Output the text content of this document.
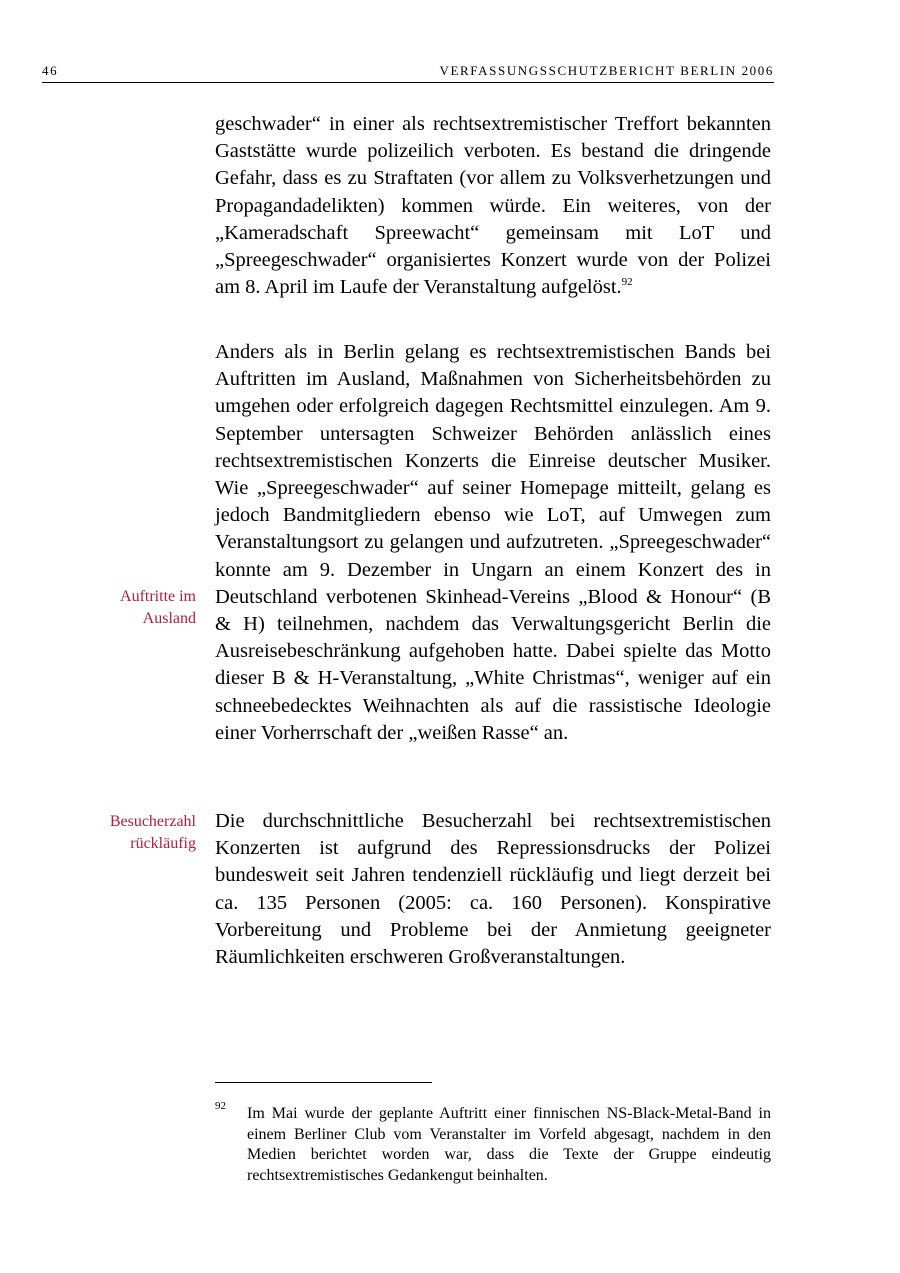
46	VERFASSUNGSSCHUTZBERICHT BERLIN 2006

geschwader“ in einer als rechtsextremistischer Treffort bekannten Gaststätte wurde polizeilich verboten. Es bestand die dringende Gefahr, dass es zu Straftaten (vor allem zu Volksverhetzungen und Propagandadelikten) kommen würde. Ein weiteres, von der „Kameradschaft Spreewacht“ gemeinsam mit LoT und „Spreegeschwader“ organisiertes Konzert wurde von der Polizei am 8. April im Laufe der Veranstaltung aufgelöst.$^{92}$

Anders als in Berlin gelang es rechtsextremistischen Bands bei Auftritten im Ausland, Maßnahmen von Sicherheitsbehörden zu umgehen oder erfolgreich dagegen Rechtsmittel einzulegen. Am 9. September untersagten Schweizer Behörden anlässlich eines rechtsextremistischen Konzerts die Einreise deutscher Musiker. Wie „Spreegeschwader“ auf seiner Homepage mitteilt, gelang es jedoch Bandmitgliedern ebenso wie LoT, auf Umwegen zum Veranstaltungsort zu gelangen und aufzutreten. „Spreegeschwader“ konnte am 9. Dezember in Ungarn an einem Konzert des in Deutschland verbotenen Skinhead-Vereins „Blood & Honour“ (B & H) teilnehmen, nachdem das Verwaltungsgericht Berlin die Ausreisebeschränkung aufgehoben hatte. Dabei spielte das Motto dieser B & H-Veranstaltung, „White Christmas“, weniger auf ein schneebedecktes Weihnachten als auf die rassistische Ideologie einer Vorherrschaft der „weißen Rasse“ an.

Die durchschnittliche Besucherzahl bei rechtsextremistischen Konzerten ist aufgrund des Repressionsdrucks der Polizei bundesweit seit Jahren tendenziell rückläufig und liegt derzeit bei ca. 135 Personen (2005: ca. 160 Personen). Konspirative Vorbereitung und Probleme bei der Anmietung geeigneter Räumlichkeiten erschweren Großveranstaltungen.

Auftritte im
Ausland
Besucherzahl
rückläufig
92 Im Mai wurde der geplante Auftritt einer finnischen NS-Black-Metal-Band in einem Berliner Club vom Veranstalter im Vorfeld abgesagt, nachdem in den Medien berichtet worden war, dass die Texte der Gruppe eindeutig rechtsextremistisches Gedankengut beinhalten.
